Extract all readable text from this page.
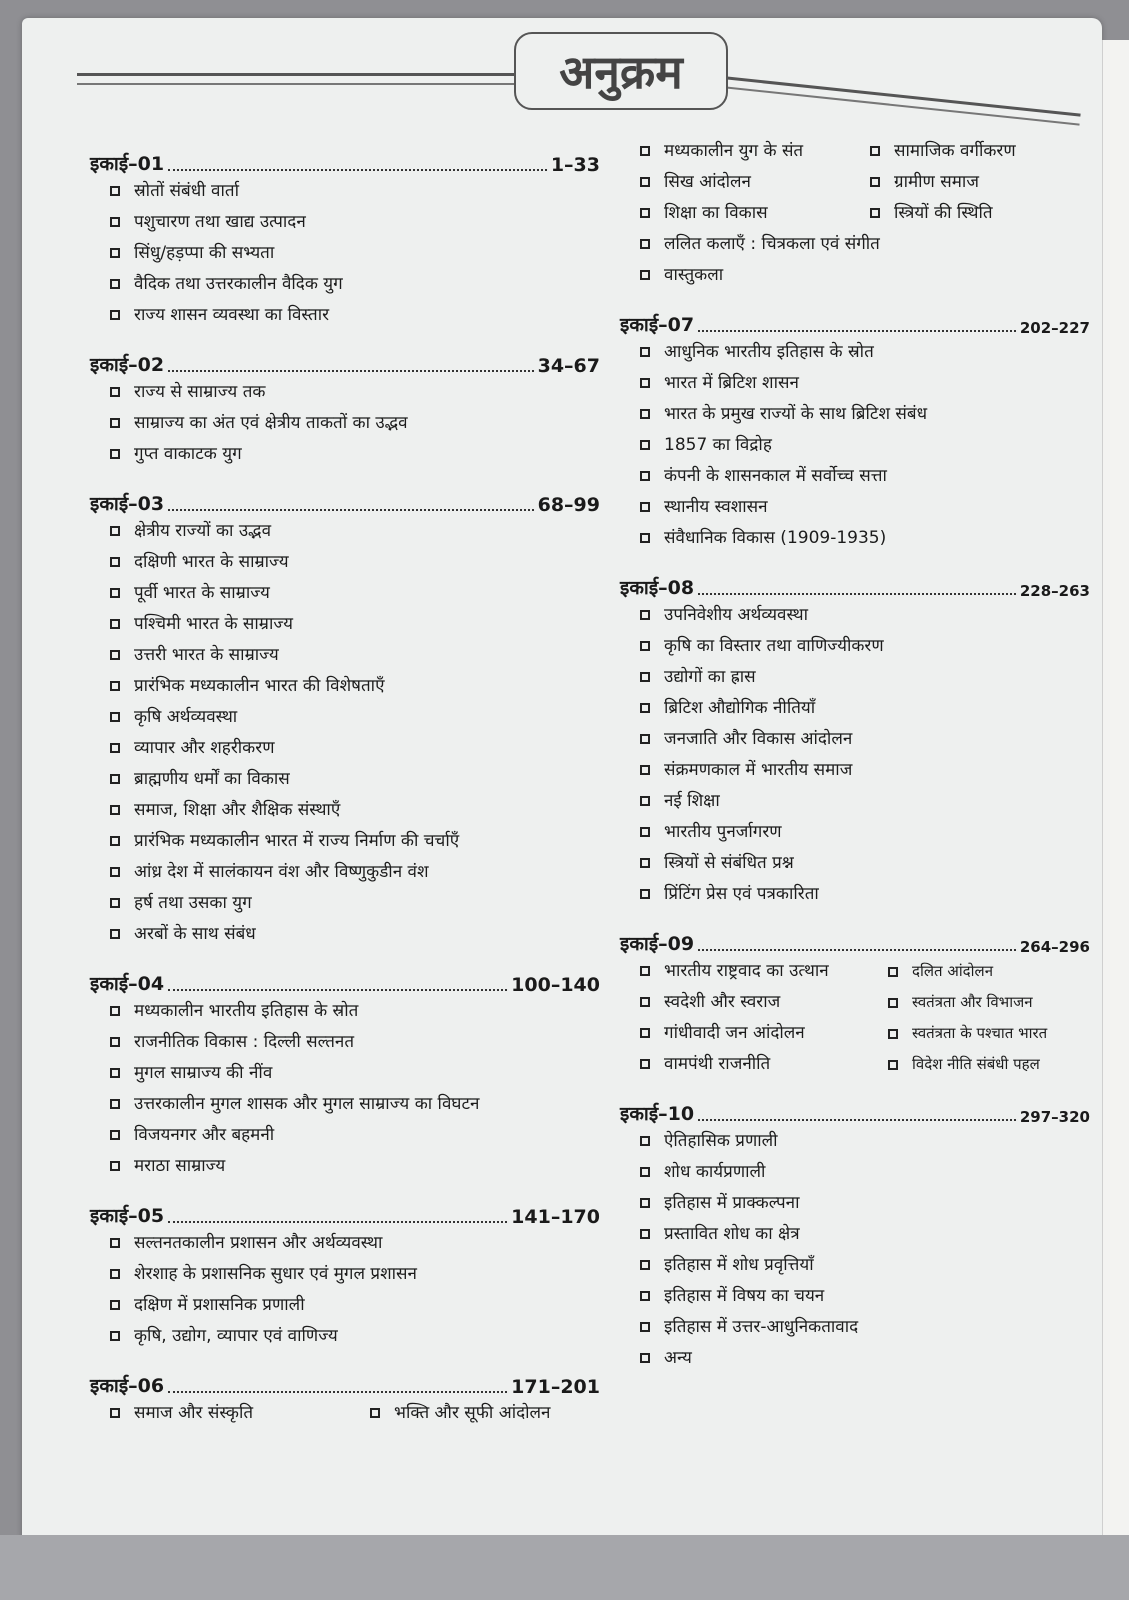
अनुक्रम
इकाई–01	1–33
स्रोतों संबंधी वार्ता
पशुचारण तथा खाद्य उत्पादन
सिंधु/हड़प्पा की सभ्यता
वैदिक तथा उत्तरकालीन वैदिक युग
राज्य शासन व्यवस्था का विस्तार
इकाई–02	34–67
राज्य से साम्राज्य तक
साम्राज्य का अंत एवं क्षेत्रीय ताकतों का उद्भव
गुप्त वाकाटक युग
इकाई–03	68–99
क्षेत्रीय राज्यों का उद्भव
दक्षिणी भारत के साम्राज्य
पूर्वी भारत के साम्राज्य
पश्चिमी भारत के साम्राज्य
उत्तरी भारत के साम्राज्य
प्रारंभिक मध्यकालीन भारत की विशेषताएँ
कृषि अर्थव्यवस्था
व्यापार और शहरीकरण
ब्राह्मणीय धर्मों का विकास
समाज, शिक्षा और शैक्षिक संस्थाएँ
प्रारंभिक मध्यकालीन भारत में राज्य निर्माण की चर्चाएँ
आंध्र देश में सालंकायन वंश और विष्णुकुडीन वंश
हर्ष तथा उसका युग
अरबों के साथ संबंध
इकाई–04	100–140
मध्यकालीन भारतीय इतिहास के स्रोत
राजनीतिक विकास : दिल्ली सल्तनत
मुगल साम्राज्य की नींव
उत्तरकालीन मुगल शासक और मुगल साम्राज्य का विघटन
विजयनगर और बहमनी
मराठा साम्राज्य
इकाई–05	141–170
सल्तनतकालीन प्रशासन और अर्थव्यवस्था
शेरशाह के प्रशासनिक सुधार एवं मुगल प्रशासन
दक्षिण में प्रशासनिक प्रणाली
कृषि, उद्योग, व्यापार एवं वाणिज्य
इकाई–06	171–201
समाज और संस्कृति	भक्ति और सूफी आंदोलन
सामाजिक वर्गीकरण
ग्रामीण समाज
स्त्रियों की स्थिति
मध्यकालीन युग के संत
सिख आंदोलन
शिक्षा का विकास
ललित कलाएँ : चित्रकला एवं संगीत
वास्तुकला
इकाई–07	202–227
आधुनिक भारतीय इतिहास के स्रोत
भारत में ब्रिटिश शासन
भारत के प्रमुख राज्यों के साथ ब्रिटिश संबंध
1857 का विद्रोह
कंपनी के शासनकाल में सर्वोच्च सत्ता
स्थानीय स्वशासन
संवैधानिक विकास (1909-1935)
इकाई–08	228–263
उपनिवेशीय अर्थव्यवस्था
कृषि का विस्तार तथा वाणिज्यीकरण
उद्योगों का ह्रास
ब्रिटिश औद्योगिक नीतियाँ
जनजाति और विकास आंदोलन
संक्रमणकाल में भारतीय समाज
नई शिक्षा
भारतीय पुनर्जागरण
स्त्रियों से संबंधित प्रश्न
प्रिंटिंग प्रेस एवं पत्रकारिता
इकाई–09	264–296
दलित आंदोलन
स्वतंत्रता और विभाजन
स्वतंत्रता के पश्चात भारत
विदेश नीति संबंधी पहल
भारतीय राष्ट्रवाद का उत्थान
स्वदेशी और स्वराज
गांधीवादी जन आंदोलन
वामपंथी राजनीति
इकाई–10	297–320
ऐतिहासिक प्रणाली
शोध कार्यप्रणाली
इतिहास में प्राक्कल्पना
प्रस्तावित शोध का क्षेत्र
इतिहास में शोध प्रवृत्तियाँ
इतिहास में विषय का चयन
इतिहास में उत्तर-आधुनिकतावाद
अन्य
